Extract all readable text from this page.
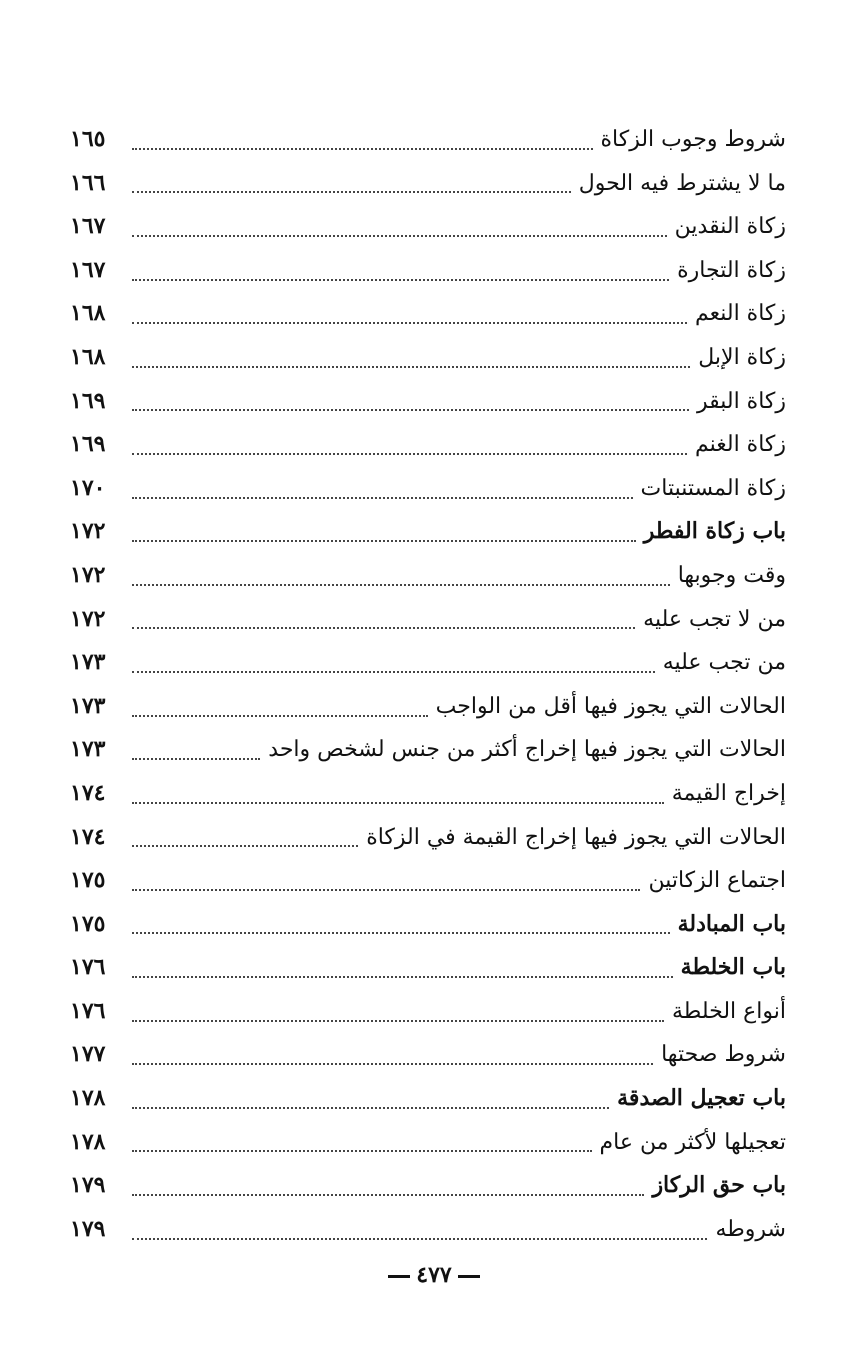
شروط وجوب الزكاة
١٦٥
ما لا يشترط فيه الحول
١٦٦
زكاة النقدين
١٦٧
زكاة التجارة
١٦٧
زكاة النعم
١٦٨
زكاة الإبل
١٦٨
زكاة البقر
١٦٩
زكاة الغنم
١٦٩
زكاة المستنبتات
١٧٠
باب زكاة الفطر
١٧٢
وقت وجوبها
١٧٢
من لا تجب عليه
١٧٢
من تجب عليه
١٧٣
الحالات التي يجوز فيها أقل من الواجب
١٧٣
الحالات التي يجوز فيها إخراج أكثر من جنس لشخص واحد
١٧٣
إخراج القيمة
١٧٤
الحالات التي يجوز فيها إخراج القيمة في الزكاة
١٧٤
اجتماع الزكاتين
١٧٥
باب المبادلة
١٧٥
باب الخلطة
١٧٦
أنواع الخلطة
١٧٦
شروط صحتها
١٧٧
باب تعجيل الصدقة
١٧٨
تعجيلها لأكثر من عام
١٧٨
باب حق الركاز
١٧٩
شروطه
١٧٩
٤٧٧
